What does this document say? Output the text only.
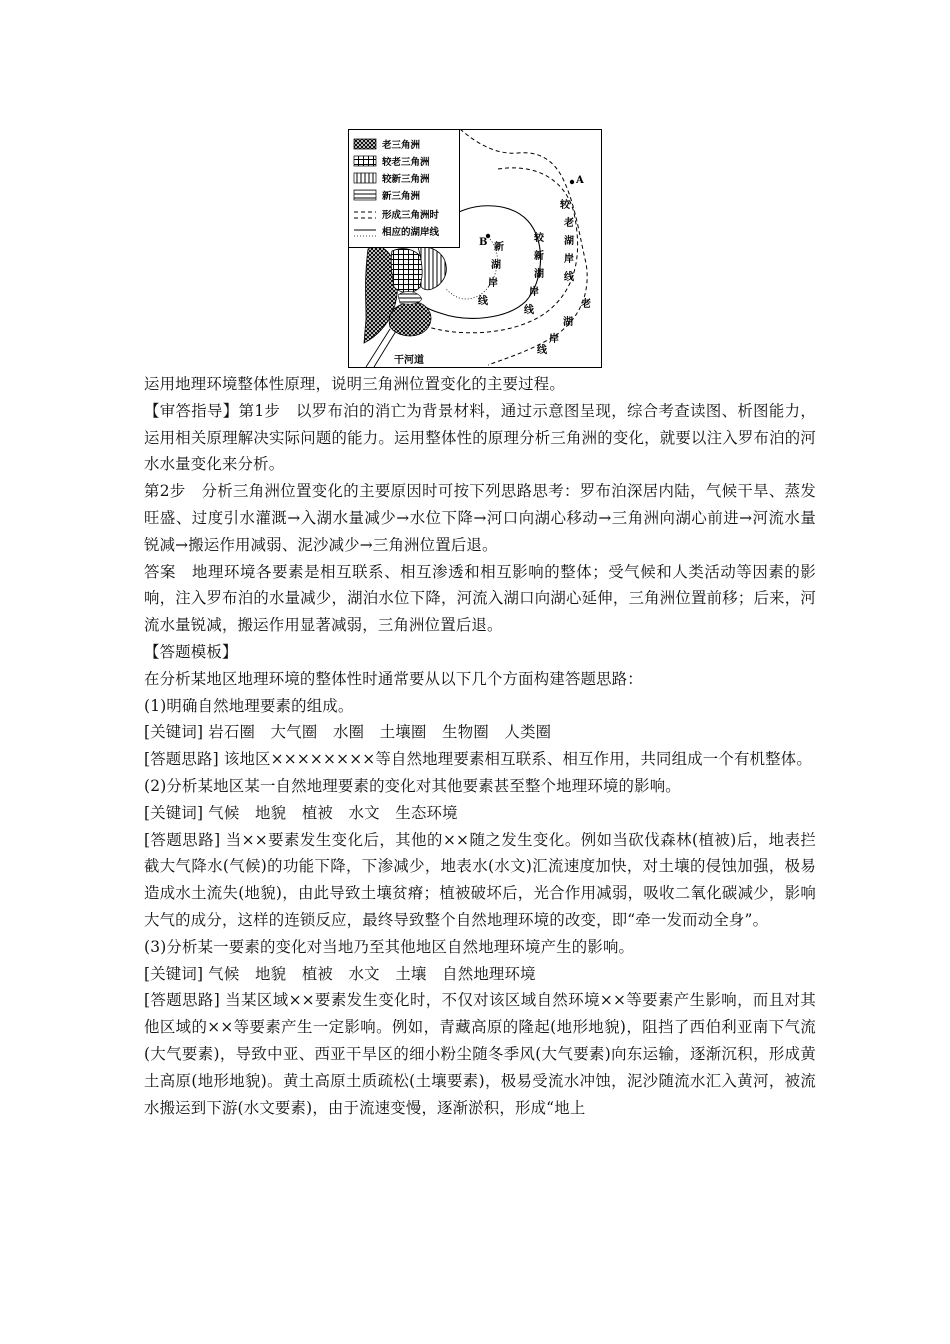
A
B 新
湖
岸
线
较
新
湖
岸
线
较
老
湖
岸
线
老
湖
岸
线
干河道
老三角洲
较老三角洲
较新三角洲
新三角洲
形成三角洲时
相应的湖岸线

运用地理环境整体性原理，说明三角洲位置变化的主要过程。

【审答指导】第1步　以罗布泊的消亡为背景材料，通过示意图呈现，综合考查读图、析图能力，运用相关原理解决实际问题的能力。运用整体性的原理分析三角洲的变化，就要以注入罗布泊的河水水量变化来分析。

第2步　分析三角洲位置变化的主要原因时可按下列思路思考：罗布泊深居内陆，气候干旱、蒸发旺盛、过度引水灌溉→入湖水量减少→水位下降→河口向湖心移动→三角洲向湖心前进→河流水量锐减→搬运作用减弱、泥沙减少→三角洲位置后退。

答案　地理环境各要素是相互联系、相互渗透和相互影响的整体；受气候和人类活动等因素的影响，注入罗布泊的水量减少，湖泊水位下降，河流入湖口向湖心延伸，三角洲位置前移；后来，河流水量锐减，搬运作用显著减弱，三角洲位置后退。

【答题模板】

在分析某地区地理环境的整体性时通常要从以下几个方面构建答题思路：

(1)明确自然地理要素的组成。

[关键词] 岩石圈　大气圈　水圈　土壤圈　生物圈　人类圈

[答题思路] 该地区××××××××等自然地理要素相互联系、相互作用，共同组成一个有机整体。

(2)分析某地区某一自然地理要素的变化对其他要素甚至整个地理环境的影响。

[关键词] 气候　地貌　植被　水文　生态环境

[答题思路] 当××要素发生变化后，其他的××随之发生变化。例如当砍伐森林(植被)后，地表拦截大气降水(气候)的功能下降，下渗减少，地表水(水文)汇流速度加快，对土壤的侵蚀加强，极易造成水土流失(地貌)，由此导致土壤贫瘠；植被破坏后，光合作用减弱，吸收二氧化碳减少，影响大气的成分，这样的连锁反应，最终导致整个自然地理环境的改变，即“牵一发而动全身”。

(3)分析某一要素的变化对当地乃至其他地区自然地理环境产生的影响。

[关键词] 气候　地貌　植被　水文　土壤　自然地理环境

[答题思路] 当某区域××要素发生变化时，不仅对该区域自然环境××等要素产生影响，而且对其他区域的××等要素产生一定影响。例如，青藏高原的隆起(地形地貌)，阻挡了西伯利亚南下气流(大气要素)，导致中亚、西亚干旱区的细小粉尘随冬季风(大气要素)向东运输，逐渐沉积，形成黄土高原(地形地貌)。黄土高原土质疏松(土壤要素)，极易受流水冲蚀，泥沙随流水汇入黄河，被流水搬运到下游(水文要素)，由于流速变慢，逐渐淤积，形成“地上
